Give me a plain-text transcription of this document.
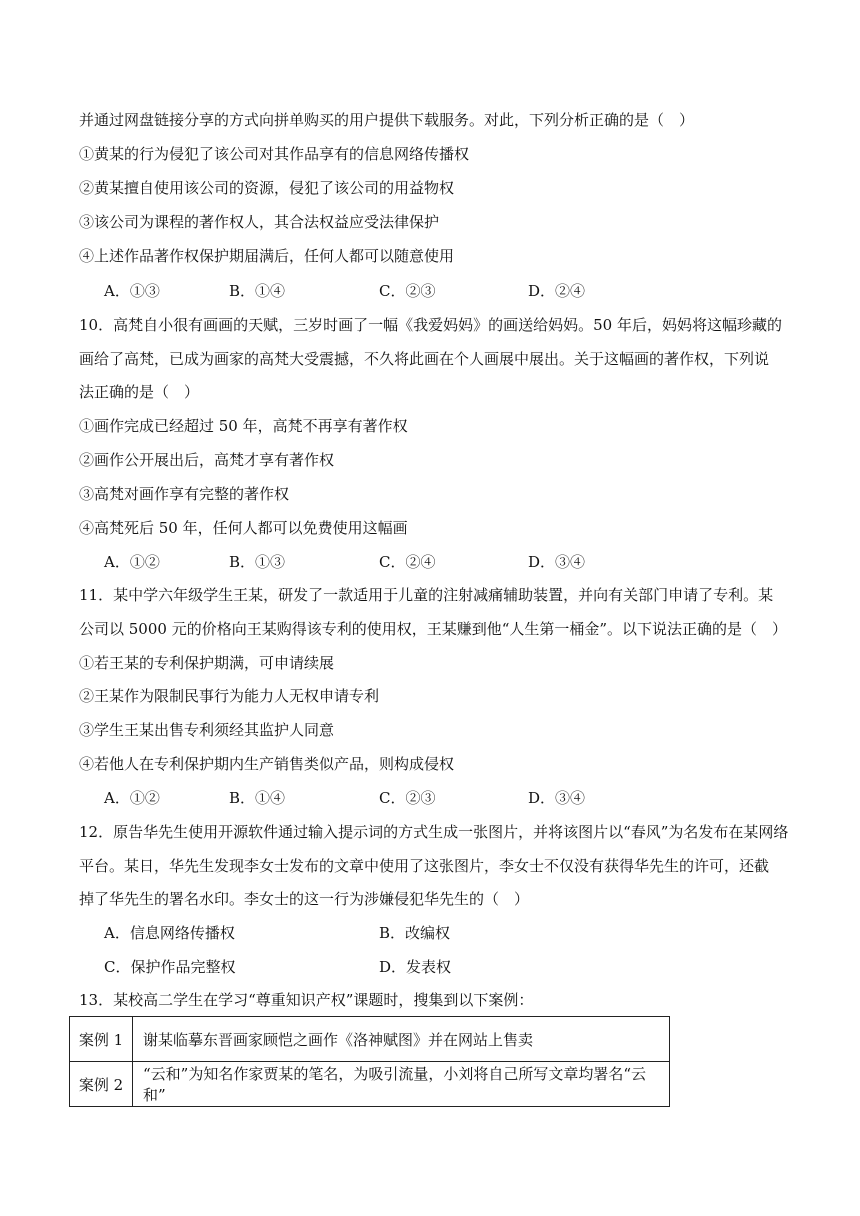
并通过网盘链接分享的方式向拼单购买的用户提供下载服务。对此，下列分析正确的是（　）
①黄某的行为侵犯了该公司对其作品享有的信息网络传播权
②黄某擅自使用该公司的资源，侵犯了该公司的用益物权
③该公司为课程的著作权人，其合法权益应受法律保护
④上述作品著作权保护期届满后，任何人都可以随意使用
A．①③	B．①④	C．②③	D．②④
10．高梵自小很有画画的天赋，三岁时画了一幅《我爱妈妈》的画送给妈妈。50 年后，妈妈将这幅珍藏的
画给了高梵，已成为画家的高梵大受震撼，不久将此画在个人画展中展出。关于这幅画的著作权，下列说
法正确的是（　）
①画作完成已经超过 50 年，高梵不再享有著作权
②画作公开展出后，高梵才享有著作权
③高梵对画作享有完整的著作权
④高梵死后 50 年，任何人都可以免费使用这幅画
A．①②	B．①③	C．②④	D．③④
11．某中学六年级学生王某，研发了一款适用于儿童的注射减痛辅助装置，并向有关部门申请了专利。某
公司以 5000 元的价格向王某购得该专利的使用权，王某赚到他“人生第一桶金”。以下说法正确的是（　）
①若王某的专利保护期满，可申请续展
②王某作为限制民事行为能力人无权申请专利
③学生王某出售专利须经其监护人同意
④若他人在专利保护期内生产销售类似产品，则构成侵权
A．①②	B．①④	C．②③	D．③④
12．原告华先生使用开源软件通过输入提示词的方式生成一张图片，并将该图片以“春风”为名发布在某网络
平台。某日，华先生发现李女士发布的文章中使用了这张图片，李女士不仅没有获得华先生的许可，还截
掉了华先生的署名水印。李女士的这一行为涉嫌侵犯华先生的（　）
A．信息网络传播权	B．改编权
C．保护作品完整权	D．发表权
13．某校高二学生在学习“尊重知识产权”课题时，搜集到以下案例：
案例 1	谢某临摹东晋画家顾恺之画作《洛神赋图》并在网站上售卖
案例 2	“云和”为知名作家贾某的笔名，为吸引流量，小刘将自己所写文章均署名“云和”
